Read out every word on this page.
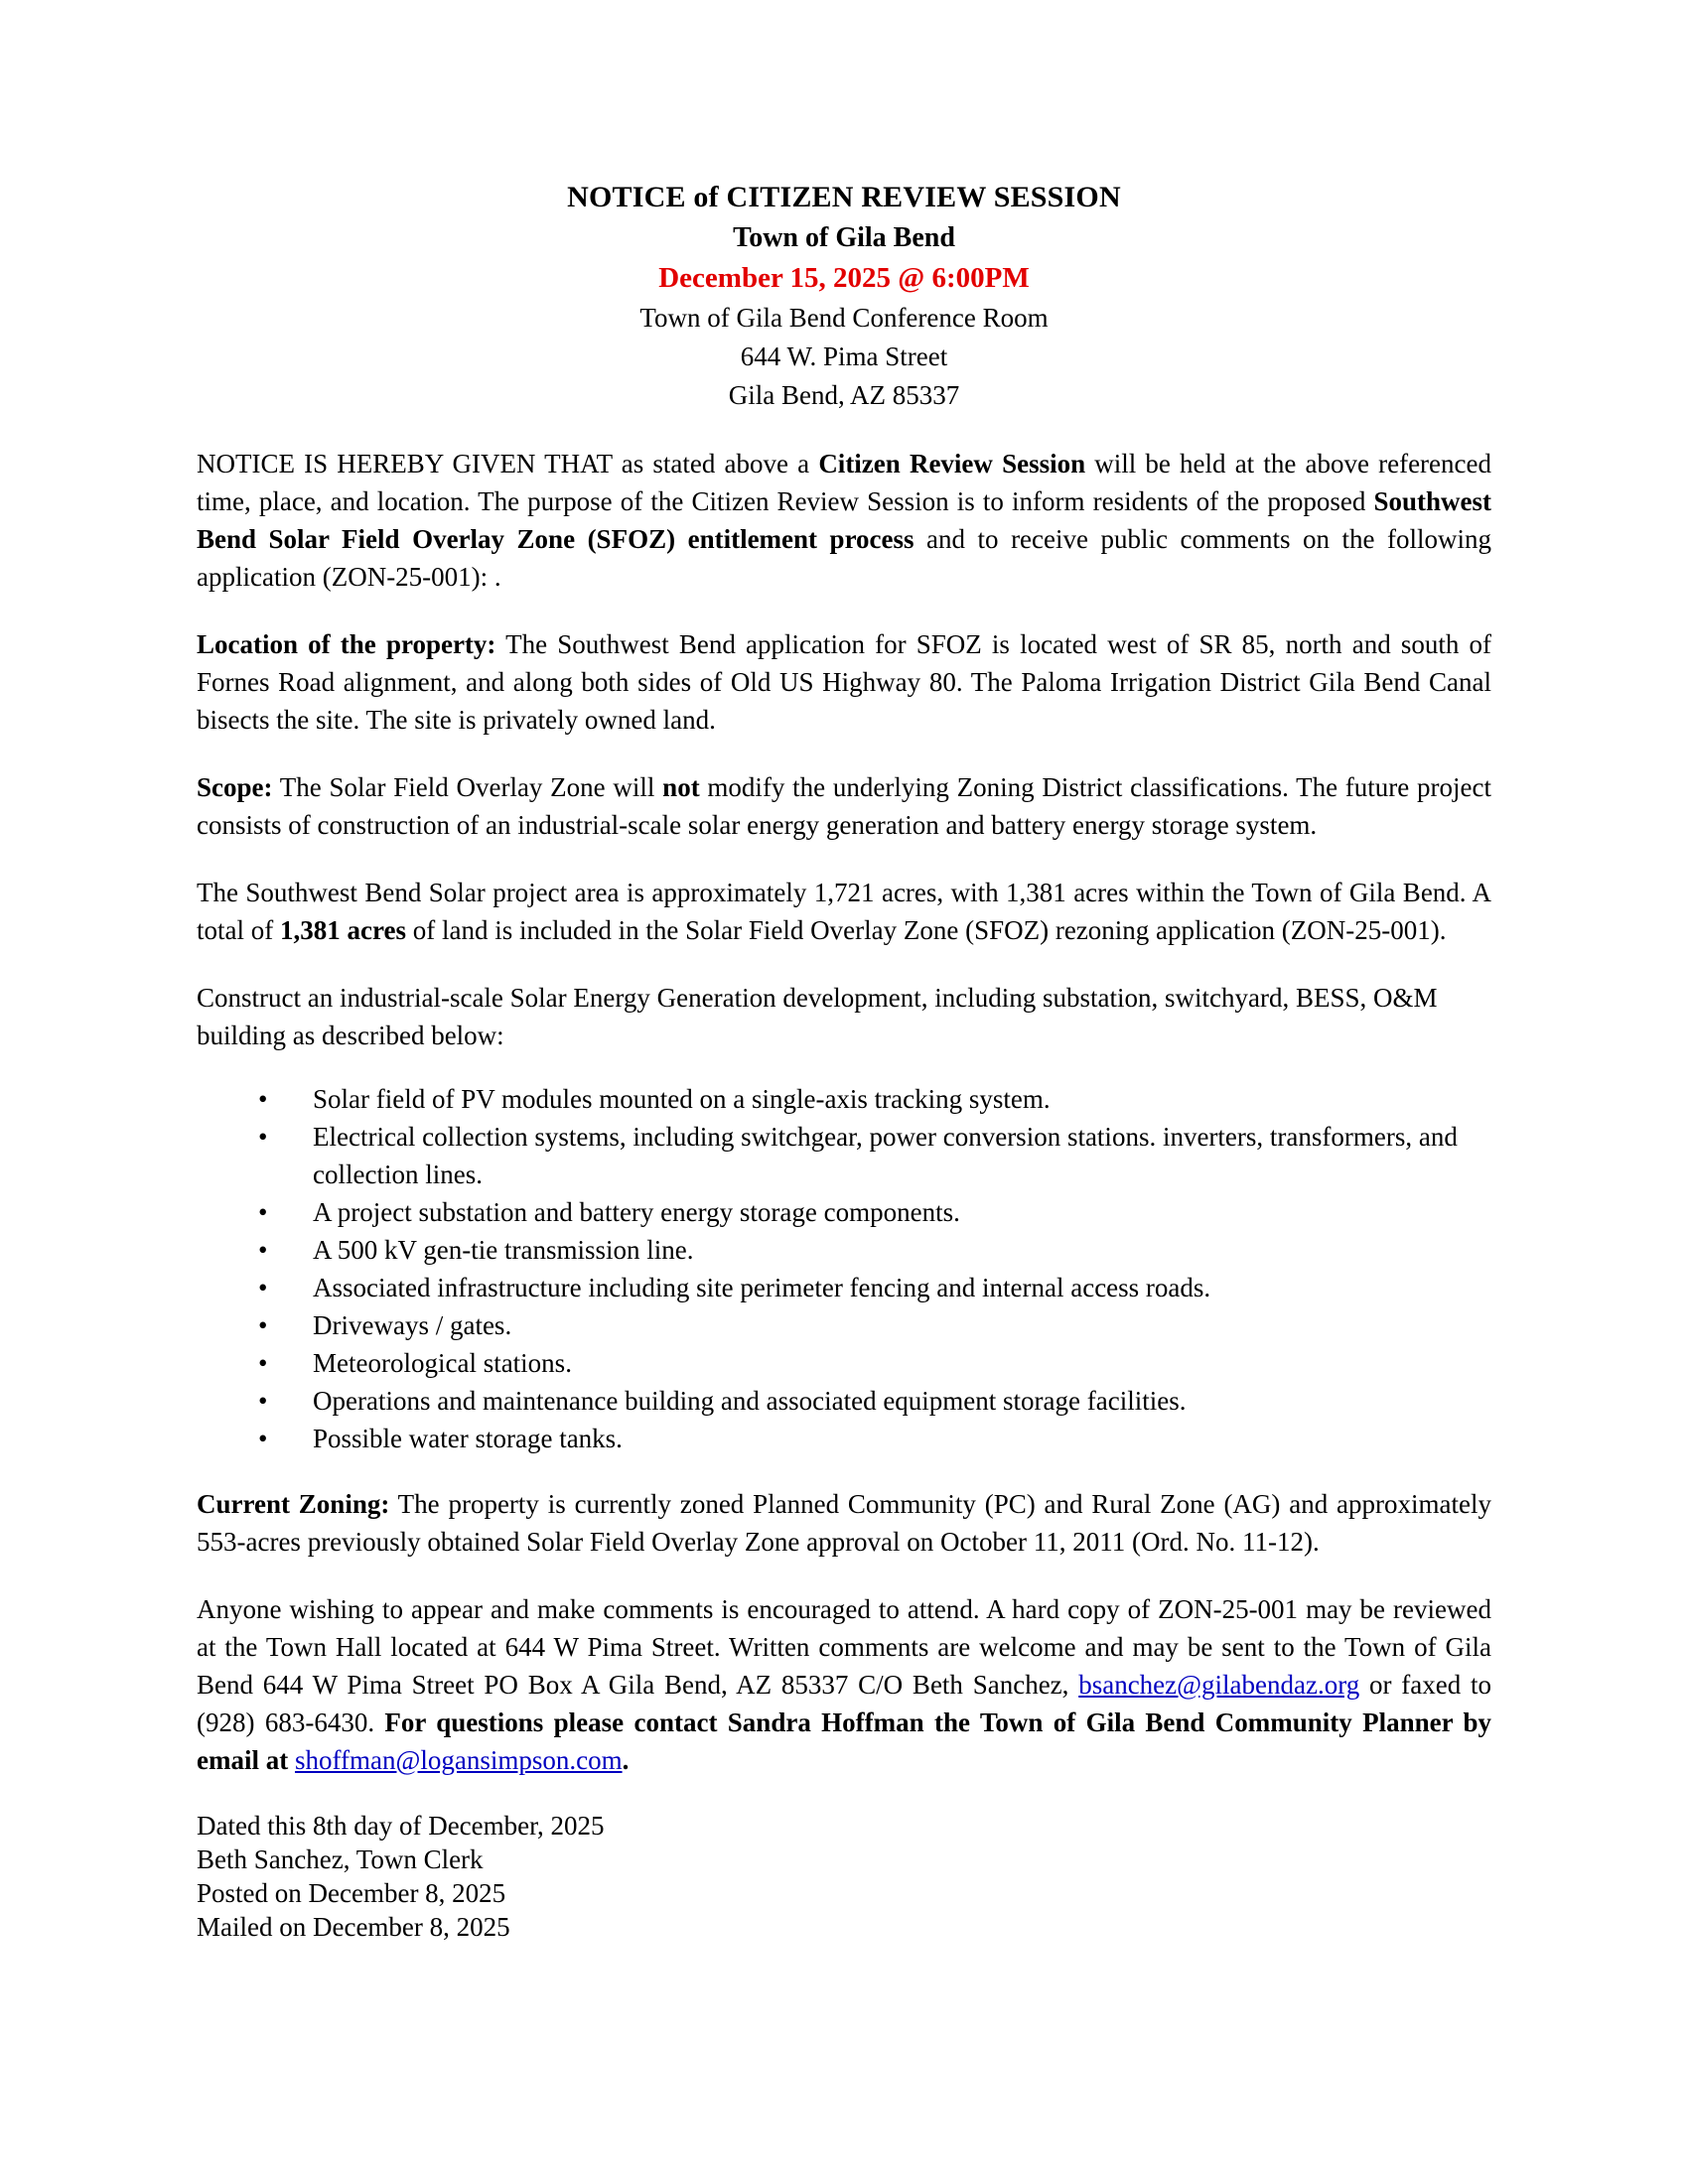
NOTICE of CITIZEN REVIEW SESSION
Town of Gila Bend
December 15, 2025 @ 6:00PM
Town of Gila Bend Conference Room
644 W. Pima Street
Gila Bend, AZ 85337

NOTICE IS HEREBY GIVEN THAT as stated above a Citizen Review Session will be held at the above referenced time, place, and location. The purpose of the Citizen Review Session is to inform residents of the proposed Southwest Bend Solar Field Overlay Zone (SFOZ) entitlement process and to receive public comments on the following application (ZON-25-001): .

Location of the property: The Southwest Bend application for SFOZ is located west of SR 85, north and south of Fornes Road alignment, and along both sides of Old US Highway 80. The Paloma Irrigation District Gila Bend Canal bisects the site. The site is privately owned land.

Scope: The Solar Field Overlay Zone will not modify the underlying Zoning District classifications. The future project consists of construction of an industrial-scale solar energy generation and battery energy storage system.

The Southwest Bend Solar project area is approximately 1,721 acres, with 1,381 acres within the Town of Gila Bend. A total of 1,381 acres of land is included in the Solar Field Overlay Zone (SFOZ) rezoning application (ZON-25-001).

Construct an industrial-scale Solar Energy Generation development, including substation, switchyard, BESS, O&M building as described below:

• Solar field of PV modules mounted on a single-axis tracking system.
• Electrical collection systems, including switchgear, power conversion stations. inverters, transformers, and collection lines.
• A project substation and battery energy storage components.
• A 500 kV gen-tie transmission line.
• Associated infrastructure including site perimeter fencing and internal access roads.
• Driveways / gates.
• Meteorological stations.
• Operations and maintenance building and associated equipment storage facilities.
• Possible water storage tanks.

Current Zoning: The property is currently zoned Planned Community (PC) and Rural Zone (AG) and approximately 553-acres previously obtained Solar Field Overlay Zone approval on October 11, 2011 (Ord. No. 11-12).

Anyone wishing to appear and make comments is encouraged to attend. A hard copy of ZON-25-001 may be reviewed at the Town Hall located at 644 W Pima Street. Written comments are welcome and may be sent to the Town of Gila Bend 644 W Pima Street PO Box A Gila Bend, AZ 85337 C/O Beth Sanchez, bsanchez@gilabendaz.org or faxed to (928) 683-6430. For questions please contact Sandra Hoffman the Town of Gila Bend Community Planner by email at shoffman@logansimpson.com.

Dated this 8th day of December, 2025
Beth Sanchez, Town Clerk
Posted on December 8, 2025
Mailed on December 8, 2025
